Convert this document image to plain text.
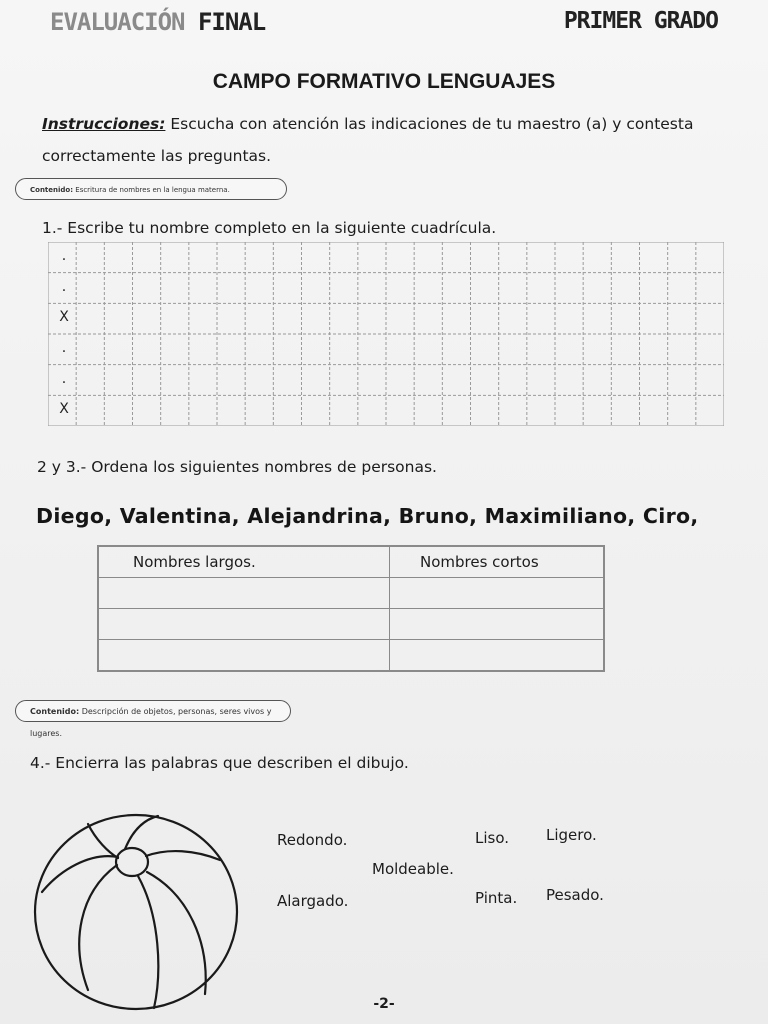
EVALUACIÓN FINAL	PRIMER GRADO
CAMPO FORMATIVO LENGUAJES
Instrucciones: Escucha con atención las indicaciones de tu maestro (a) y contesta correctamente las preguntas.
Contenido: Escritura de nombres en la lengua materna.
1.- Escribe tu nombre completo en la siguiente cuadrícula.
.
.
X
.
.
X
2 y 3.- Ordena los siguientes nombres de personas.
Diego, Valentina, Alejandrina, Bruno, Maximiliano, Ciro,
Nombres largos.	Nombres cortos

Contenido: Descripción de objetos, personas, seres vivos y lugares.
4.- Encierra las palabras que describen el dibujo.
Redondo.	Liso. Ligero.
Moldeable.
Alargado.	Pinta. Pesado.
-2-
